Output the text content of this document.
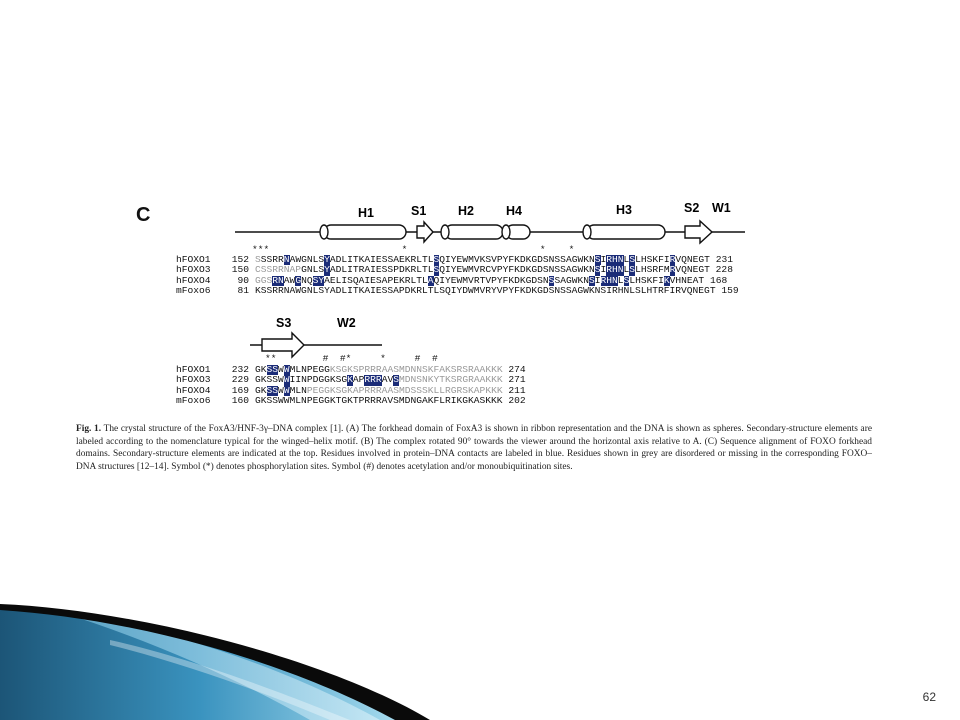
C	H1	S1	H2	H4	H3	S2 W1
S3	W2
***                       *                       *    *
**        #  #*     *     #  #
hFOXO1	152 SSSRRNAWGNLSYADLITKAIESSAEKRLTLSQIYEWMVKSVPYFKDKGDSNSSAGWKNSIRHNLSLHSKFIRVQNEGT 231
hFOXO3	150 CSSRRNAPGNLSYADLITRAIESSPDKRLTLSQIYEWMVRCVPYFKDKGDSNSSAGWKNSIRHNLSLHSRFMRVQNEGT 228
hFOXO4	90 GGSRNAWGNQSYAELISQAIESAPEKRLTLAQIYEWMVRTVPYFKDKGDSNSSAGWKNSIRHNLSLHSKFIKVHNEAT 168
mFoxo6	81 KSSRRNAWGNLSYADLITKAIESSAPDKRLTLSQIYDWMVRYVPYFKDKGDSNSSAGWKNSIRHNLSLHTRFIRVQNEGT 159
hFOXO1	232 GKSSWWMLNPEGGKSGKSPRRRAASMDNNSKFAKSRSRAAKKK 274
hFOXO3	229 GKSSWWIINPDGGKSGKAPRRRAVSMDNSNKYTKSRGRAAKKK 271
hFOXO4	169 GKSSWWMLNPEGGKSGKAPRRRAASMDSSSKLLRGRSKAPKKK 211
mFoxo6	160 GKSSWWMLNPEGGKTGKTPRRRAVSMDNGAKFLRIKGKASKKK 202
Fig. 1. The crystal structure of the FoxA3/HNF-3γ–DNA complex [1]. (A) The forkhead domain of FoxA3 is shown in ribbon representation and the DNA is shown as spheres. Secondary-structure elements are labeled according to the nomenclature typical for the winged–helix motif. (B) The complex rotated 90° towards the viewer around the horizontal axis relative to A. (C) Sequence alignment of FOXO forkhead domains. Secondary-structure elements are indicated at the top. Residues involved in protein–DNA contacts are labeled in blue. Residues shown in grey are disordered or missing in the corresponding FOXO–DNA structures [12–14]. Symbol (*) denotes phosphorylation sites. Symbol (#) denotes acetylation and/or monoubiquitination sites.
62
